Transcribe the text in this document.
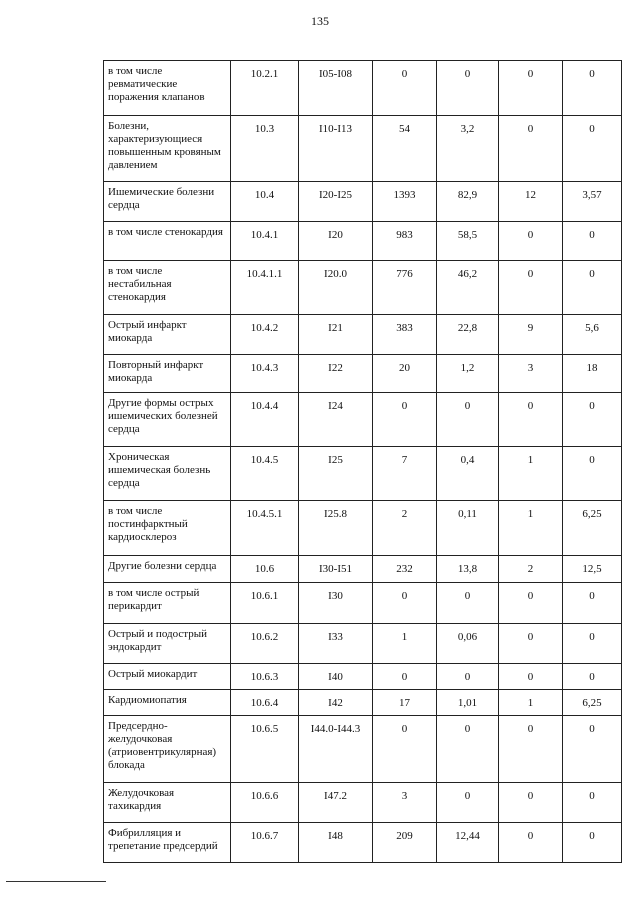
135
в том числе ревматические поражения клапанов	10.2.1	I05-I08	0	0	0	0
Болезни, характеризующиеся повышенным кровяным давлением	10.3	I10-I13	54	3,2	0	0
Ишемические болезни сердца	10.4	I20-I25	1393	82,9	12	3,57
в том числе стенокардия	10.4.1	I20	983	58,5	0	0
в том числе нестабильная стенокардия	10.4.1.1	I20.0	776	46,2	0	0
Острый инфаркт миокарда	10.4.2	I21	383	22,8	9	5,6
Повторный инфаркт миокарда	10.4.3	I22	20	1,2	3	18
Другие формы острых ишемических болезней сердца	10.4.4	I24	0	0	0	0
Хроническая ишемическая болезнь сердца	10.4.5	I25	7	0,4	1	0
в том числе постинфарктный кардиосклероз	10.4.5.1	I25.8	2	0,11	1	6,25
Другие болезни сердца	10.6	I30-I51	232	13,8	2	12,5
в том числе острый перикардит	10.6.1	I30	0	0	0	0
Острый и подострый эндокардит	10.6.2	I33	1	0,06	0	0
Острый миокардит	10.6.3	I40	0	0	0	0
Кардиомиопатия	10.6.4	I42	17	1,01	1	6,25
Предсердно-желудочковая (атриовентрикулярная) блокада	10.6.5	I44.0-I44.3	0	0	0	0
Желудочковая тахикардия	10.6.6	I47.2	3	0	0	0
Фибрилляция и трепетание предсердий	10.6.7	I48	209	12,44	0	0
